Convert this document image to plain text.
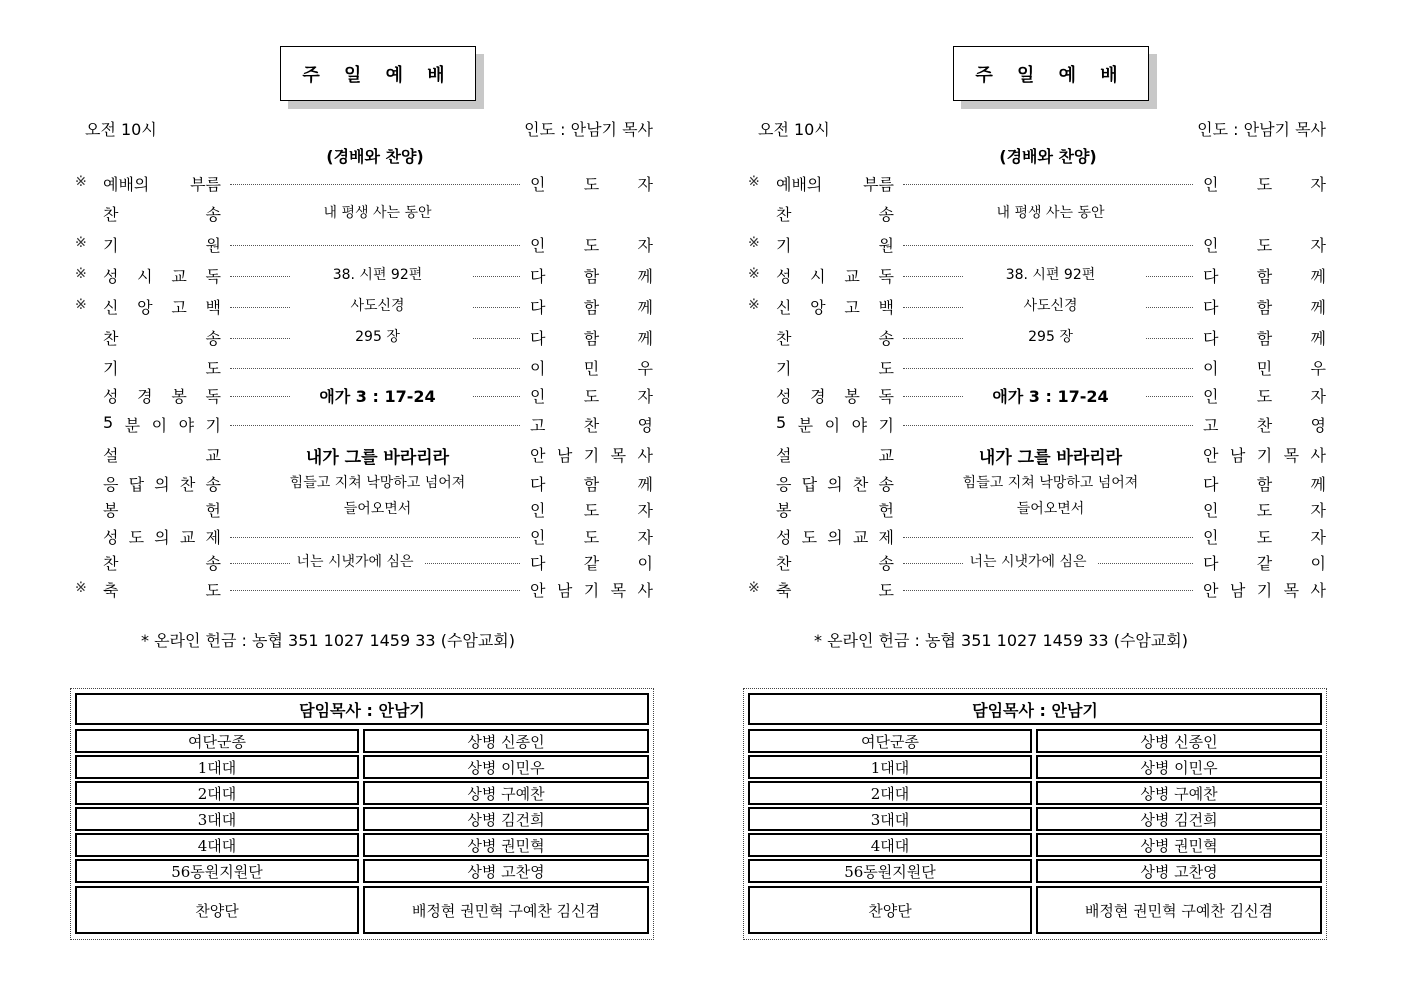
주 일 예 배
오전 10시	인도 : 안남기 목사
(경배와 찬양)
※	예배의	부름	인 도 자
찬	송	내 평생 사는 동안
※	기	원	인 도 자
※	성 시 교 독	38. 시편 92편	다 함 께
※	신 앙 고 백	사도신경	다 함 께
찬	송	295 장	다 함 께
기	도	이 민 우
성 경 봉 독	애가 3 : 17-24	인 도 자
5 분 이 야 기	고 찬 영
설	교	내가 그를 바라리라	안 남 기 목 사
응 답 의 찬 송	힘들고 지쳐 낙망하고 넘어져	다 함 께
봉	헌	들어오면서	인 도 자
성 도 의 교 제	인 도 자
찬	송	너는 시냇가에 심은	다 같 이
※	축	도	안 남 기 목 사
* 온라인 헌금 : 농협 351 1027 1459 33 (수암교회)
담임목사 : 안남기
여단군종	상병 신종인
1대대	상병 이민우
2대대	상병 구예찬
3대대	상병 김건희
4대대	상병 권민혁
56동원지원단	상병 고찬영
찬양단	배정현 권민혁 구예찬 김신겸
주 일 예 배
오전 10시	인도 : 안남기 목사
(경배와 찬양)
※	예배의	부름	인 도 자
찬	송	내 평생 사는 동안
※	기	원	인 도 자
※	성 시 교 독	38. 시편 92편	다 함 께
※	신 앙 고 백	사도신경	다 함 께
찬	송	295 장	다 함 께
기	도	이 민 우
성 경 봉 독	애가 3 : 17-24	인 도 자
5 분 이 야 기	고 찬 영
설	교	내가 그를 바라리라	안 남 기 목 사
응 답 의 찬 송	힘들고 지쳐 낙망하고 넘어져	다 함 께
봉	헌	들어오면서	인 도 자
성 도 의 교 제	인 도 자
찬	송	너는 시냇가에 심은	다 같 이
※	축	도	안 남 기 목 사
* 온라인 헌금 : 농협 351 1027 1459 33 (수암교회)
담임목사 : 안남기
여단군종	상병 신종인
1대대	상병 이민우
2대대	상병 구예찬
3대대	상병 김건희
4대대	상병 권민혁
56동원지원단	상병 고찬영
찬양단	배정현 권민혁 구예찬 김신겸
